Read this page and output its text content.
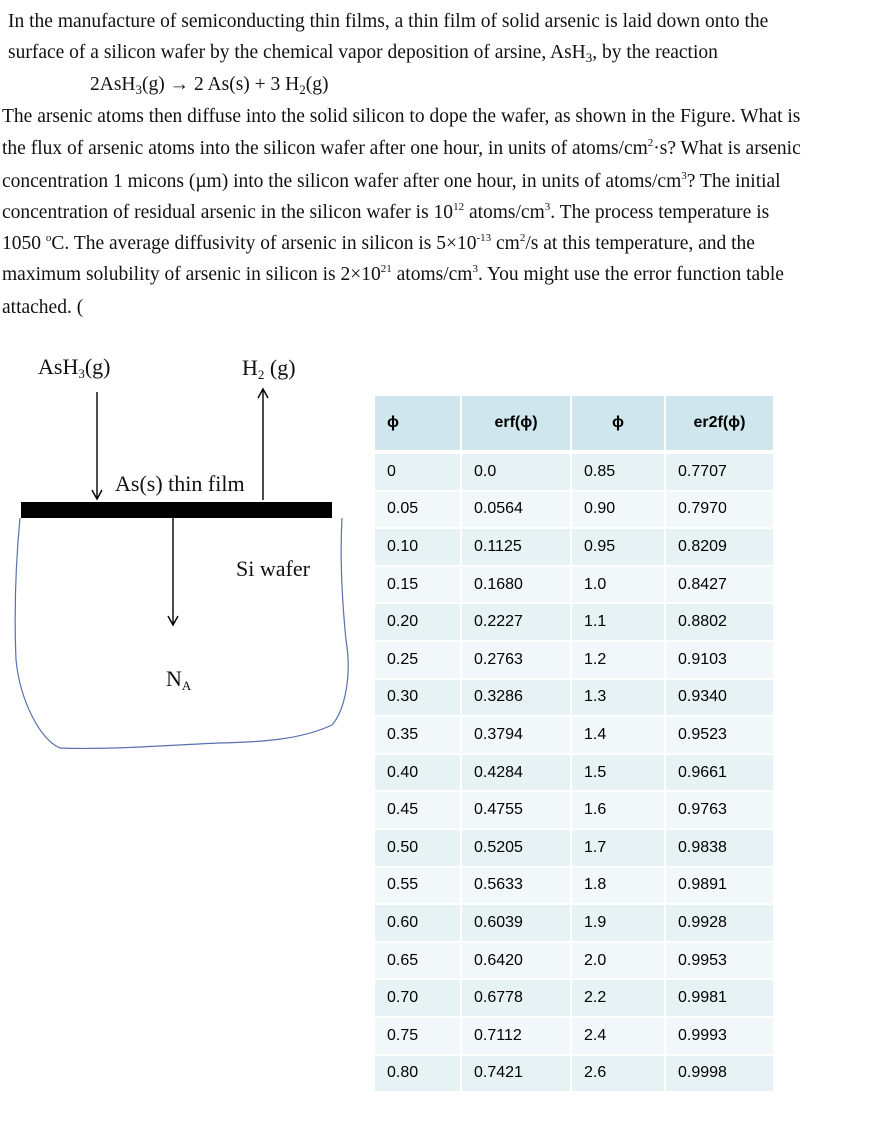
In the manufacture of semiconducting thin films, a thin film of solid arsenic is laid down onto the
surface of a silicon wafer by the chemical vapor deposition of arsine, AsH$_3$, by the reaction
2AsH$_3$(g) → 2 As(s) + 3 $H_2(g)$
The arsenic atoms then diffuse into the solid silicon to dope the wafer, as shown in the Figure. What is
the flux of arsenic atoms into the silicon wafer after one hour, in units of atoms/$cm^2\cdot s$? What is arsenic
concentration 1 micons (µm) into the silicon wafer after one hour, in units of atoms/$cm^3$? The initial
concentration of residual arsenic in the silicon wafer is $10^{12}$ atoms/$cm^3$. The process temperature is
1050 $^o$C. The average diffusivity of arsenic in silicon is $5\times 10^{-13}$ $cm^2/s$ at this temperature, and the
maximum solubility of arsenic in silicon is $2\times 10^{21}$ atoms/$cm^3$. You might use the error function table
attached. (
AsH$_3$(g)	$H_2$ (g)
As(s) thin film
Si wafer
$N_A$
ϕ	erf(ϕ)	ϕ	er2f(ϕ)
0	0.0	0.85	0.7707
0.05	0.0564	0.90	0.7970
0.10	0.1125	0.95	0.8209
0.15	0.1680	1.0	0.8427
0.20	0.2227	1.1	0.8802
0.25	0.2763	1.2	0.9103
0.30	0.3286	1.3	0.9340
0.35	0.3794	1.4	0.9523
0.40	0.4284	1.5	0.9661
0.45	0.4755	1.6	0.9763
0.50	0.5205	1.7	0.9838
0.55	0.5633	1.8	0.9891
0.60	0.6039	1.9	0.9928
0.65	0.6420	2.0	0.9953
0.70	0.6778	2.2	0.9981
0.75	0.7112	2.4	0.9993
0.80	0.7421	2.6	0.9998
